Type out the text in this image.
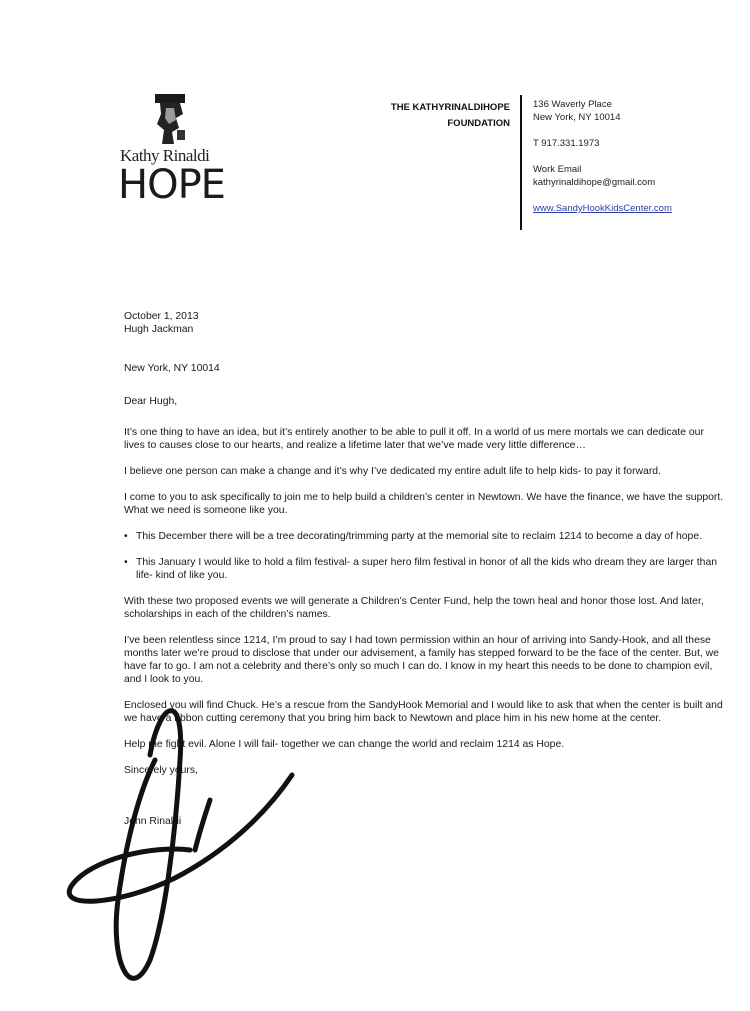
Kathy Rinaldi
HOPE
THE KATHYRINALDIHOPE FOUNDATION
136 Waverly Place
New York, NY 10014
T 917.331.1973
Work Email
kathyrinaldihope@gmail.com
www.SandyHookKidsCenter.com

October 1, 2013

Hugh Jackman

New York, NY 10014

Dear Hugh,

It’s one thing to have an idea, but it’s entirely another to be able to pull it off. In a world of us mere mortals we can dedicate our lives to causes close to our hearts, and realize a lifetime later that we’ve made very little difference…

I believe one person can make a change and it’s why I’ve dedicated my entire adult life to help kids- to pay it forward.

I come to you to ask specifically to join me to help build a children’s center in Newtown. We have the finance, we have the support. What we need is someone like you.

• This December there will be a tree decorating/trimming party at the memorial site to reclaim 1214 to become a day of hope.
• This January I would like to hold a film festival- a super hero film festival in honor of all the kids who dream they are larger than life- kind of like you.

With these two proposed events we will generate a Children’s Center Fund, help the town heal and honor those lost. And later, scholarships in each of the children’s names.

I’ve been relentless since 1214, I’m proud to say I had town permission within an hour of arriving into Sandy-Hook, and all these months later we’re proud to disclose that under our advisement, a family has stepped forward to be the face of the center. But, we have far to go. I am not a celebrity and there’s only so much I can do. I know in my heart this needs to be done to champion evil, and I look to you.

Enclosed you will find Chuck. He’s a rescue from the SandyHook Memorial and I would like to ask that when the center is built and we have a ribbon cutting ceremony that you bring him back to Newtown and place him in his new home at the center.

Help me fight evil. Alone I will fail- together we can change the world and reclaim 1214 as Hope.

Sincerely yours,

John Rinaldi
